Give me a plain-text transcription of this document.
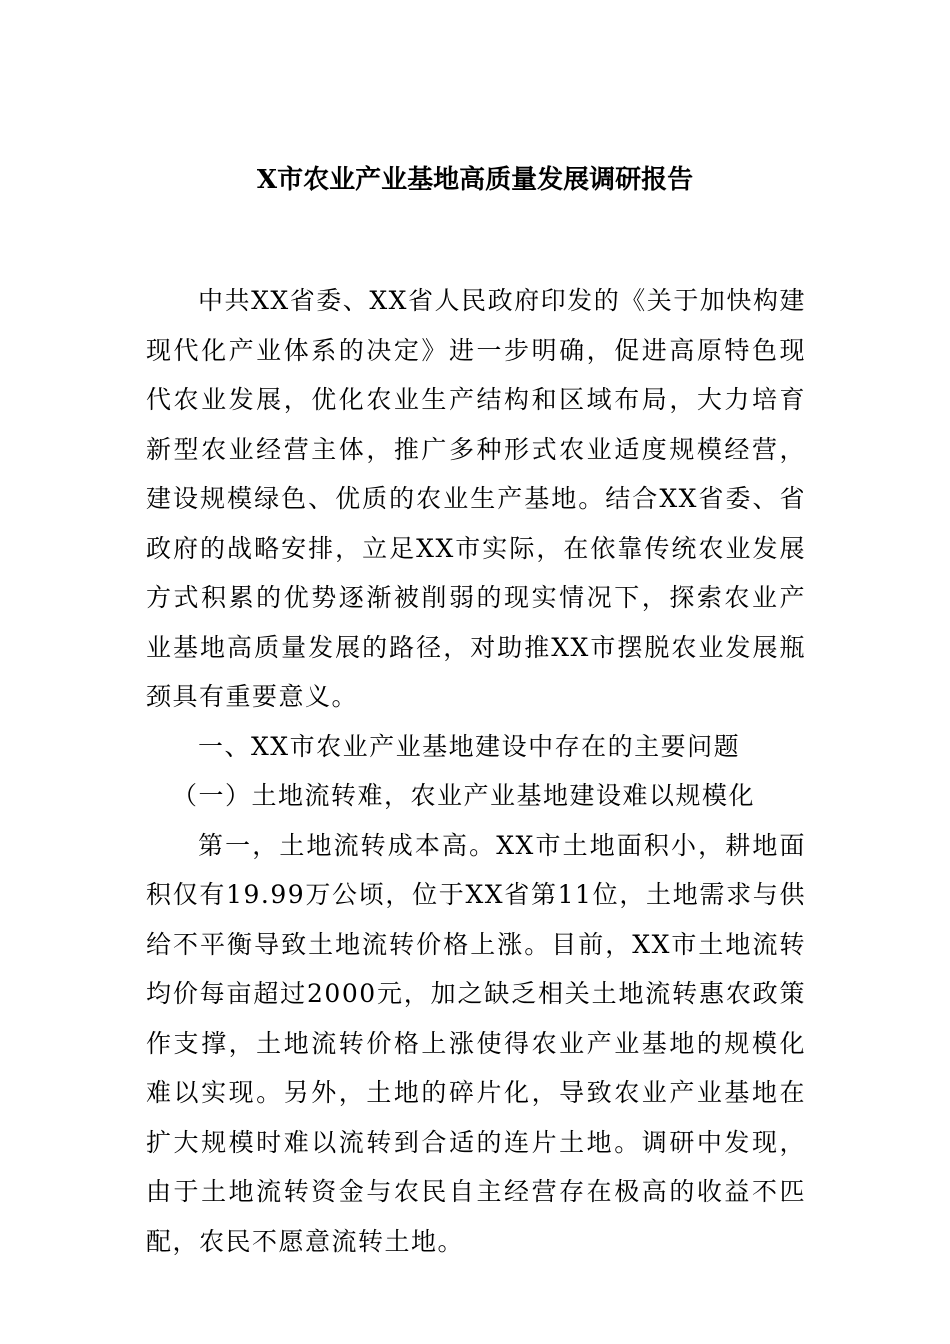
X市农业产业基地高质量发展调研报告

中共XX省委、XX省人民政府印发的《关于加快构建现代化产业体系的决定》进一步明确，促进高原特色现代农业发展，优化农业生产结构和区域布局，大力培育新型农业经营主体，推广多种形式农业适度规模经营，建设规模绿色、优质的农业生产基地。结合XX省委、省政府的战略安排，立足XX市实际，在依靠传统农业发展方式积累的优势逐渐被削弱的现实情况下，探索农业产业基地高质量发展的路径，对助推XX市摆脱农业发展瓶颈具有重要意义。

一、XX市农业产业基地建设中存在的主要问题

（一）土地流转难，农业产业基地建设难以规模化

第一，土地流转成本高。XX市土地面积小，耕地面积仅有19.99万公顷，位于XX省第11位，土地需求与供给不平衡导致土地流转价格上涨。目前，XX市土地流转均价每亩超过2000元，加之缺乏相关土地流转惠农政策作支撑，土地流转价格上涨使得农业产业基地的规模化难以实现。另外，土地的碎片化，导致农业产业基地在扩大规模时难以流转到合适的连片土地。调研中发现，由于土地流转资金与农民自主经营存在极高的收益不匹配，农民不愿意流转土地。
